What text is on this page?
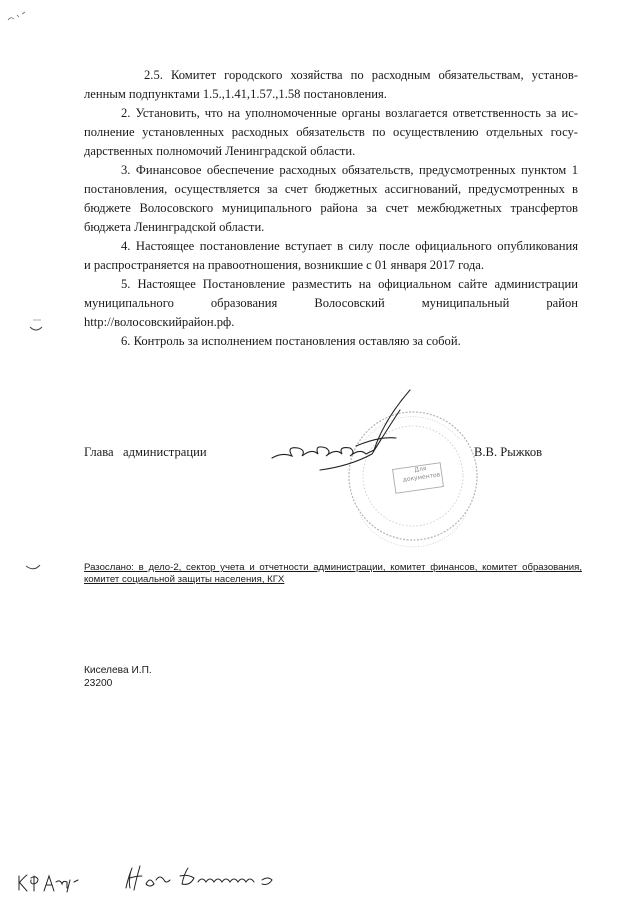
2.5. Комитет городского хозяйства по расходным обязательствам, установ-
ленным подпунктами 1.5.,1.41,1.57.,1.58 постановления.
2. Установить, что на уполномоченные органы возлагается ответственность за ис-
полнение установленных расходных обязательств по осуществлению отдельных госу-
дарственных полномочий Ленинградской области.
3. Финансовое обеспечение расходных обязательств, предусмотренных пунктом 1
постановления, осуществляется за счет бюджетных ассигнований, предусмотренных в
бюджете Волосовского муниципального района за счет межбюджетных трансфертов
бюджета Ленинградской области.
4. Настоящее постановление вступает в силу после официального опубликования
и распространяется на правоотношения, возникшие с 01 января 2017 года.
5. Настоящее Постановление разместить на официальном сайте администрации
муниципального          образования          Волосовский          муниципальный          район
http://волосовскийрайон.рф.
6. Контроль за исполнением постановления оставляю за собой.
Для документов
Глава   администрации	В.В. Рыжков
Разослано: в дело-2, сектор учета и отчетности администрации, комитет финансов, комитет образования,
комитет социальной защиты населения, КГХ
Киселева И.П.
23200
